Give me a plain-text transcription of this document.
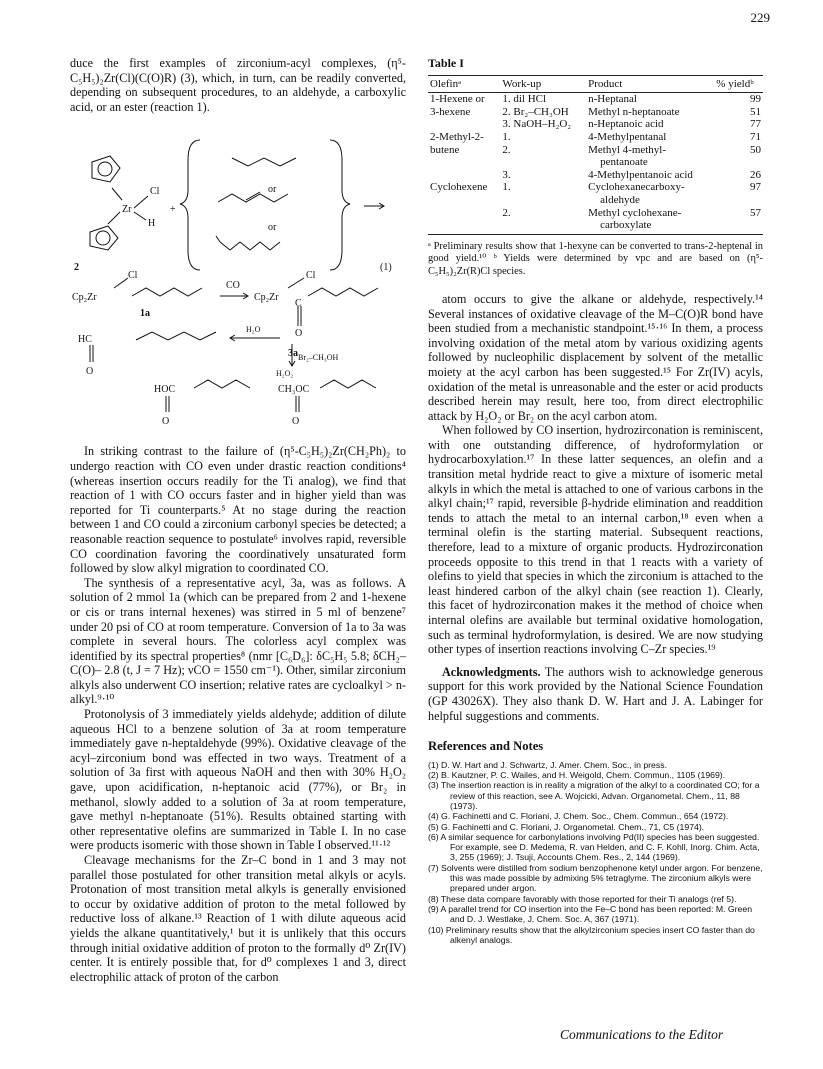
229

duce the first examples of zirconium-acyl complexes, (η⁵-C₅H₅)₂Zr(Cl)(C(O)R) (3), which, in turn, can be readily converted, depending on subsequent procedures, to an aldehyde, a carboxylic acid, or an ester (reaction 1).

or
or
Cl
Zr
H
+
2	(1)
Cp₂Zr
Cl
CO
Cp₂Zr
Cl
1a
C
O
H₂O
3a
HC
O
Br₂–CH₃OH
H₂O₂
HOC
O
CH₃OC
O

In striking contrast to the failure of (η⁵-C₅H₅)₂Zr(CH₂Ph)₂ to undergo reaction with CO even under drastic reaction conditions⁴ (whereas insertion occurs readily for the Ti analog), we find that reaction of 1 with CO occurs faster and in higher yield than was reported for Ti counterparts.⁵ At no stage during the reaction between 1 and CO could a zirconium carbonyl species be detected; a reasonable reaction sequence to postulate⁶ involves rapid, reversible CO coordination favoring the coordinatively unsaturated form followed by slow alkyl migration to coordinated CO.

The synthesis of a representative acyl, 3a, was as follows. A solution of 2 mmol 1a (which can be prepared from 2 and 1-hexene or cis or trans internal hexenes) was stirred in 5 ml of benzene⁷ under 20 psi of CO at room temperature. Conversion of 1a to 3a was complete in several hours. The colorless acyl complex was identified by its spectral properties⁸ (nmr [C₆D₆]: δC₅H₅ 5.8; δCH₂–C(O)– 2.8 (t, J = 7 Hz); νCO = 1550 cm⁻¹). Other, similar zirconium alkyls also underwent CO insertion; relative rates are cycloalkyl > n-alkyl.⁹·¹⁰

Protonolysis of 3 immediately yields aldehyde; addition of dilute aqueous HCl to a benzene solution of 3a at room temperature immediately gave n-heptaldehyde (99%). Oxidative cleavage of the acyl–zirconium bond was effected in two ways. Treatment of a solution of 3a first with aqueous NaOH and then with 30% H₂O₂ gave, upon acidification, n-heptanoic acid (77%), or Br₂ in methanol, slowly added to a solution of 3a at room temperature, gave methyl n-heptanoate (51%). Results obtained starting with other representative olefins are summarized in Table I. In no case were products isomeric with those shown in Table I observed.¹¹·¹²

Cleavage mechanisms for the Zr–C bond in 1 and 3 may not parallel those postulated for other transition metal alkyls or acyls. Protonation of most transition metal alkyls is generally envisioned to occur by oxidative addition of proton to the metal followed by reductive loss of alkane.¹³ Reaction of 1 with dilute aqueous acid yields the alkane quantitatively,¹ but it is unlikely that this occurs through initial oxidative addition of proton to the formally d⁰ Zr(IV) center. It is entirely possible that, for d⁰ complexes 1 and 3, direct electrophilic attack of proton of the carbon

Table I
Olefinᵃ	Work-up	Product	% yieldᵇ
1-Hexene or	1. dil HCl	n-Heptanal	99
3-hexene	2. Br₂–CH₃OH	Methyl n-heptanoate	51
	3. NaOH–H₂O₂	n-Heptanoic acid	77
2-Methyl-2-	1.	4-Methylpentanal	71
butene	2.	Methyl 4-methyl-	50
		pentanoate	
	3.	4-Methylpentanoic acid	26
Cyclohexene	1.	Cyclohexanecarboxy-	97
		aldehyde	
	2.	Methyl cyclohexane-	57
		carboxylate	

ᵃ Preliminary results show that 1-hexyne can be converted to trans-2-heptenal in good yield.¹⁰ ᵇ Yields were determined by vpc and are based on (η⁵-C₅H₅)₂Zr(R)Cl species.

atom occurs to give the alkane or aldehyde, respectively.¹⁴ Several instances of oxidative cleavage of the M–C(O)R bond have been studied from a mechanistic standpoint.¹⁵·¹⁶ In them, a process involving oxidation of the metal atom by various oxidizing agents followed by nucleophilic displacement by solvent of the metallic moiety at the acyl carbon has been suggested.¹⁵ For Zr(IV) acyls, oxidation of the metal is unreasonable and the ester or acid products described herein may result, here too, from direct electrophilic attack by H₂O₂ or Br₂ on the acyl carbon atom.

When followed by CO insertion, hydrozirconation is reminiscent, with one outstanding difference, of hydroformylation or hydrocarboxylation.¹⁷ In these latter sequences, an olefin and a transition metal hydride react to give a mixture of isomeric metal alkyls in which the metal is attached to one of various carbons in the alkyl chain;¹⁷ rapid, reversible β-hydride elimination and readdition tends to attach the metal to an internal carbon,¹⁸ even when a terminal olefin is the starting material. Subsequent reactions, therefore, lead to a mixture of organic products. Hydrozirconation proceeds opposite to this trend in that 1 reacts with a variety of olefins to yield that species in which the zirconium is attached to the least hindered carbon of the alkyl chain (see reaction 1). Clearly, this facet of hydrozirconation makes it the method of choice when internal olefins are available but terminal oxidative homologation, such as terminal hydroformylation, is desired. We are now studying other types of insertion reactions involving C–Zr species.¹⁹

Acknowledgments. The authors wish to acknowledge generous support for this work provided by the National Science Foundation (GP 43026X). They also thank D. W. Hart and J. A. Labinger for helpful suggestions and comments.

References and Notes
(1) D. W. Hart and J. Schwartz, J. Amer. Chem. Soc., in press.
(2) B. Kautzner, P. C. Wailes, and H. Weigold, Chem. Commun., 1105 (1969).
(3) The insertion reaction is in reality a migration of the alkyl to a coordinated CO; for a review of this reaction, see A. Wojcicki, Advan. Organometal. Chem., 11, 88 (1973).
(4) G. Fachinetti and C. Floriani, J. Chem. Soc., Chem. Commun., 654 (1972).
(5) G. Fachinetti and C. Floriani, J. Organometal. Chem., 71, C5 (1974).
(6) A similar sequence for carbonylations involving Pd(II) species has been suggested. For example, see D. Medema, R. van Helden, and C. F. Kohll, Inorg. Chim. Acta, 3, 255 (1969); J. Tsuji, Accounts Chem. Res., 2, 144 (1969).
(7) Solvents were distilled from sodium benzophenone ketyl under argon. For benzene, this was made possible by admixing 5% tetraglyme. The zirconium alkyls were prepared under argon.
(8) These data compare favorably with those reported for their Ti analogs (ref 5).
(9) A parallel trend for CO insertion into the Fe–C bond has been reported: M. Green and D. J. Westlake, J. Chem. Soc. A, 367 (1971).
(10) Preliminary results show that the alkylzirconium species insert CO faster than do alkenyl analogs.
Communications to the Editor
